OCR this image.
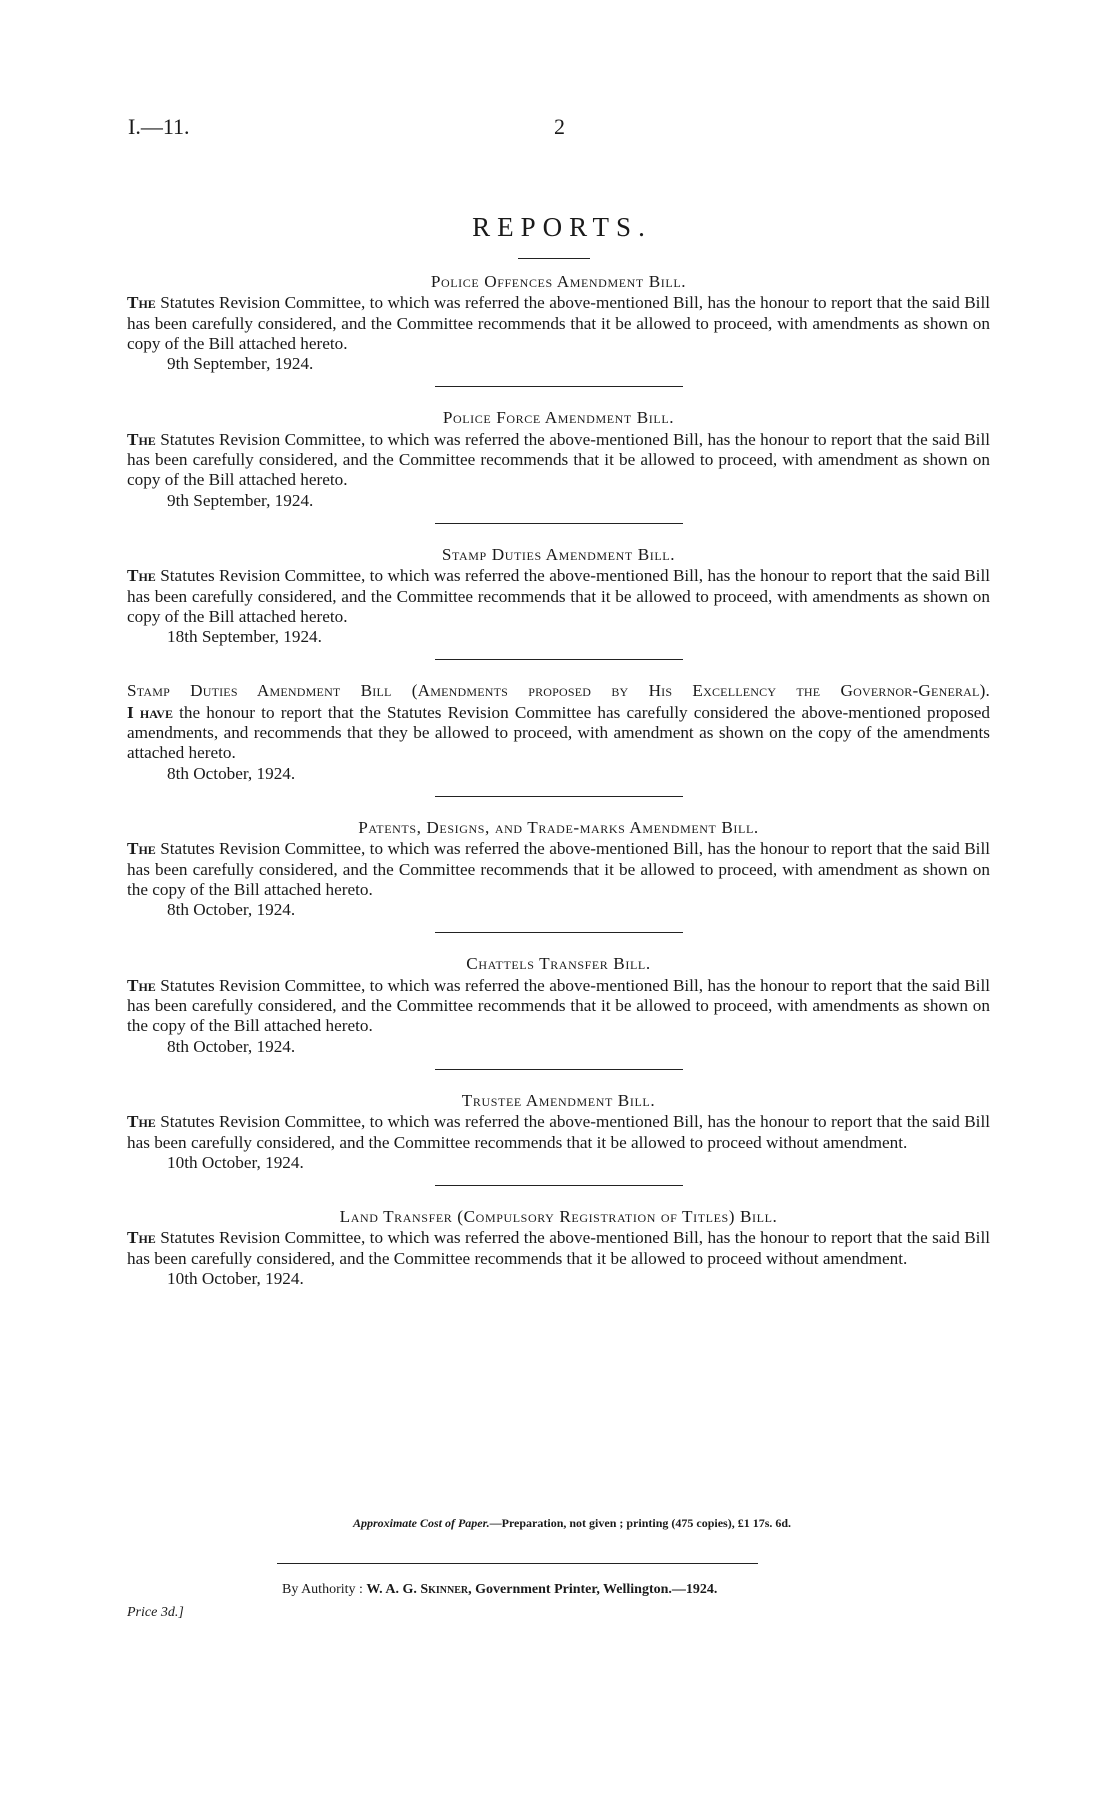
I.—11.	2
REPORTS.

Police Offences Amendment Bill.

The Statutes Revision Committee, to which was referred the above-mentioned Bill, has the honour to report that the said Bill has been carefully considered, and the Committee recommends that it be allowed to proceed, with amendments as shown on copy of the Bill attached hereto.

9th September, 1924.

Police Force Amendment Bill.

The Statutes Revision Committee, to which was referred the above-mentioned Bill, has the honour to report that the said Bill has been carefully considered, and the Committee recommends that it be allowed to proceed, with amendment as shown on copy of the Bill attached hereto.

9th September, 1924.

Stamp Duties Amendment Bill.

The Statutes Revision Committee, to which was referred the above-mentioned Bill, has the honour to report that the said Bill has been carefully considered, and the Committee recommends that it be allowed to proceed, with amendments as shown on copy of the Bill attached hereto.

18th September, 1924.

Stamp Duties Amendment Bill (Amendments proposed by His Excellency the Governor-General).

I have the honour to report that the Statutes Revision Committee has carefully considered the above-mentioned proposed amendments, and recommends that they be allowed to proceed, with amendment as shown on the copy of the amendments attached hereto.

8th October, 1924.

Patents, Designs, and Trade-marks Amendment Bill.

The Statutes Revision Committee, to which was referred the above-mentioned Bill, has the honour to report that the said Bill has been carefully considered, and the Committee recommends that it be allowed to proceed, with amendment as shown on the copy of the Bill attached hereto.

8th October, 1924.

Chattels Transfer Bill.

The Statutes Revision Committee, to which was referred the above-mentioned Bill, has the honour to report that the said Bill has been carefully considered, and the Committee recommends that it be allowed to proceed, with amendments as shown on the copy of the Bill attached hereto.

8th October, 1924.

Trustee Amendment Bill.

The Statutes Revision Committee, to which was referred the above-mentioned Bill, has the honour to report that the said Bill has been carefully considered, and the Committee recommends that it be allowed to proceed without amendment.

10th October, 1924.

Land Transfer (Compulsory Registration of Titles) Bill.

The Statutes Revision Committee, to which was referred the above-mentioned Bill, has the honour to report that the said Bill has been carefully considered, and the Committee recommends that it be allowed to proceed without amendment.

10th October, 1924.

Approximate Cost of Paper.—Preparation, not given ; printing (475 copies), £1 17s. 6d.
By Authority : W. A. G. Skinner, Government Printer, Wellington.—1924.
Price 3d.]
